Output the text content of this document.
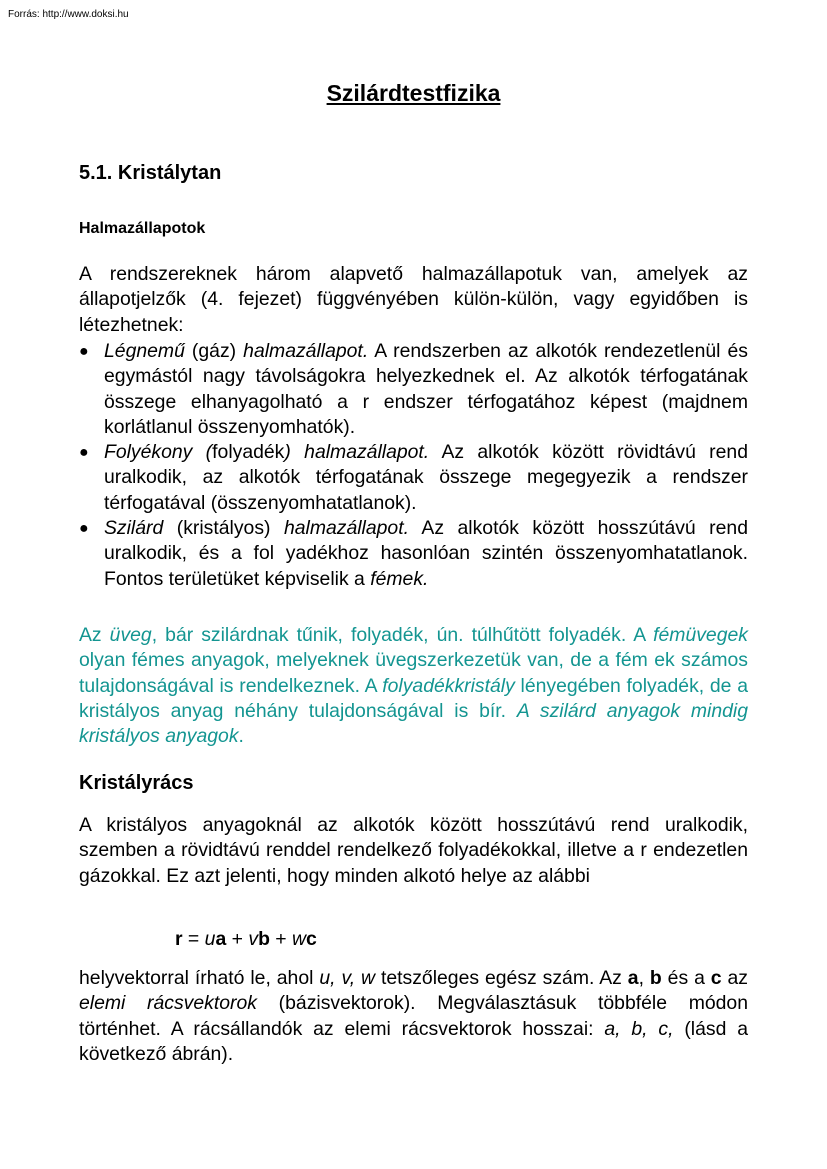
Forrás: http://www.doksi.hu
Szilárdtestfizika
5.1. Kristálytan
Halmazállapotok

A rendszereknek három alapvető halmazállapotuk van, amelyek az állapotjelzők (4. fejezet) függvényében külön-külön, vagy egyidőben is létezhetnek:

● Légnemű (gáz) halmazállapot. A rendszerben az alkotók rendezetlenül és egymástól nagy távolságokra helyezkednek el. Az alkotók térfogatának összege elhanyagolható a r endszer térfogatához képest (majdnem korlátlanul összenyomhatók).
● Folyékony (folyadék) halmazállapot. Az alkotók között rövidtávú rend uralkodik, az alkotók térfogatának összege megegyezik a rendszer térfogatával (összenyomhatatlanok).
● Szilárd (kristályos) halmazállapot. Az alkotók között hosszútávú rend uralkodik, és a fol yadékhoz hasonlóan szintén összenyomhatatlanok. Fontos területüket képviselik a fémek.

Az üveg, bár szilárdnak tűnik, folyadék, ún. túlhűtött folyadék. A fémüvegek olyan fémes anyagok, melyeknek üvegszerkezetük van, de a fém ek számos tulajdonságával is rendelkeznek. A folyadékkristály lényegében folyadék, de a kristályos anyag néhány tulajdonságával is bír. A szilárd anyagok mindig kristályos anyagok.

Kristályrács

A kristályos anyagoknál az alkotók között hosszútávú rend uralkodik, szemben a rövidtávú renddel rendelkező folyadékokkal, illetve a r endezetlen gázokkal. Ez azt jelenti, hogy minden alkotó helye az alábbi

r = ua + vb + wc

helyvektorral írható le, ahol u, v, w tetszőleges egész szám. Az a, b és a c az elemi rácsvektorok (bázisvektorok). Megválasztásuk többféle módon történhet. A rácsállandók az elemi rácsvektorok hosszai: a, b, c, (lásd a következő ábrán).
